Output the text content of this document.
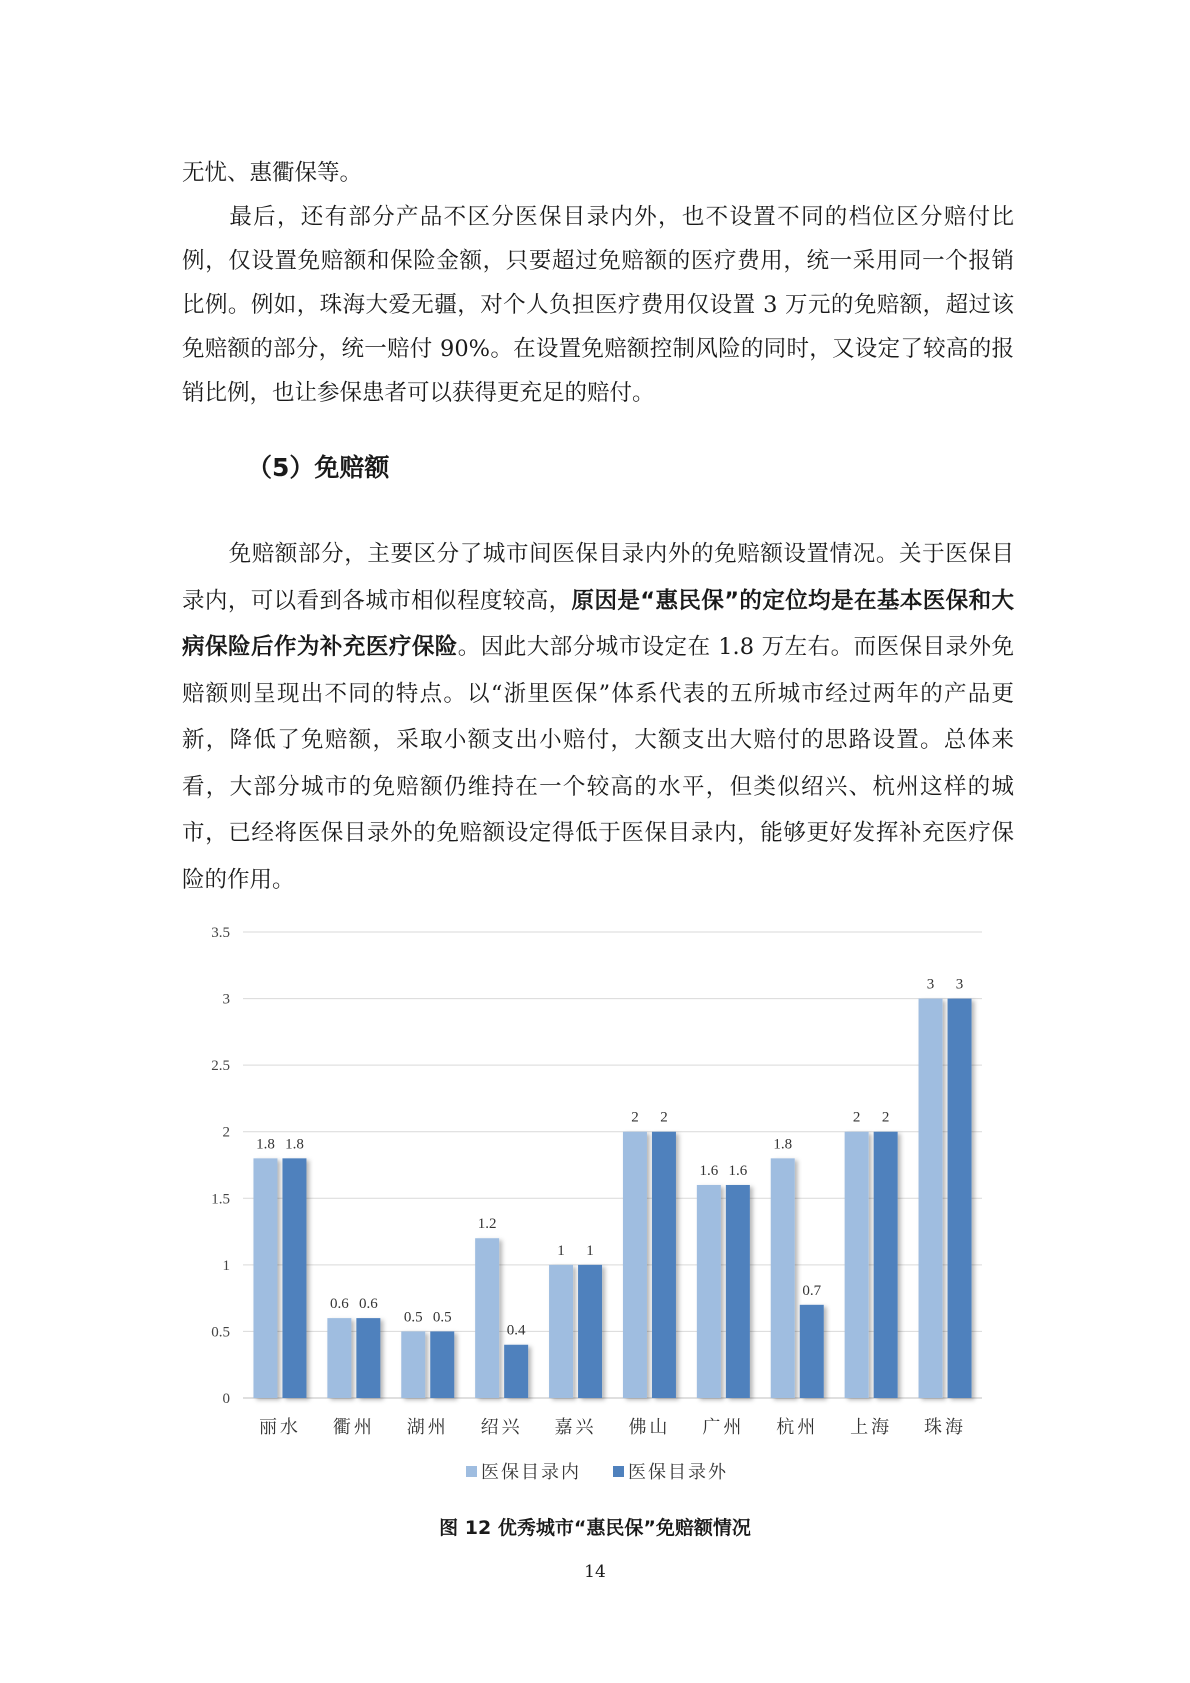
无忧、惠衢保等。

最后，还有部分产品不区分医保目录内外，也不设置不同的档位区分赔付比例，仅设置免赔额和保险金额，只要超过免赔额的医疗费用，统一采用同一个报销比例。例如，珠海大爱无疆，对个人负担医疗费用仅设置 3 万元的免赔额，超过该免赔额的部分，统一赔付 90%。在设置免赔额控制风险的同时，又设定了较高的报销比例，也让参保患者可以获得更充足的赔付。

（5）免赔额

免赔额部分，主要区分了城市间医保目录内外的免赔额设置情况。关于医保目录内，可以看到各城市相似程度较高，原因是“惠民保”的定位均是在基本医保和大病保险后作为补充医疗保险。因此大部分城市设定在 1.8 万左右。而医保目录外免赔额则呈现出不同的特点。以“浙里医保”体系代表的五所城市经过两年的产品更新，降低了免赔额，采取小额支出小赔付，大额支出大赔付的思路设置。总体来看，大部分城市的免赔额仍维持在一个较高的水平，但类似绍兴、杭州这样的城市，已经将医保目录外的免赔额设定得低于医保目录内，能够更好发挥补充医疗保险的作用。

0
0.5
1
1.5
2
2.5
3
3.5
1.8 1.8
0.6 0.6
0.5 0.5
1.2
0.4
1 1
2 2
1.6 1.6
1.8
0.7
2 2
3 3
丽水 衢州 湖州 绍兴 嘉兴 佛山 广州 杭州 上海 珠海
医保目录内	医保目录外

图 12 优秀城市“惠民保”免赔额情况

14
